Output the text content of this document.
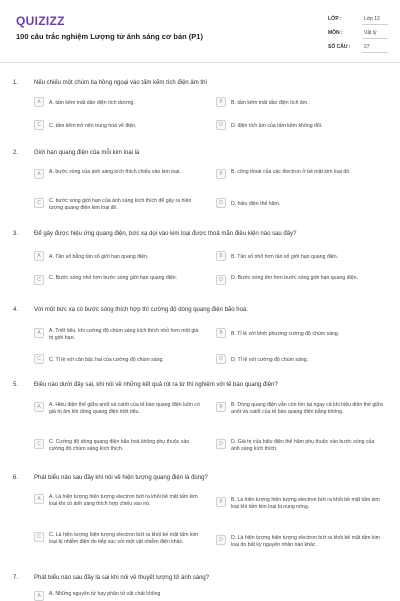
QUIZIZZ
100 câu trắc nghiệm Lượng tử ánh sáng cơ bản (P1)
LỚP :	Lớp 12
MÔN :	Vật lý
SỐ CÂU :	27
1.	Nếu chiếu một chùm tia hồng ngoại vào tấm kẽm tích điện âm thì
A	A. tấm kẽm mất dần điện tích dương.	B	B. tấm kẽm mất dần điện tích âm.
C	C. tấm kẽm trở nên trung hoà về điện.	D	D. điện tích âm của tấm kẽm không đổi.
2.	Giới hạn quang điện của mỗi kim loại là
A	A. bước sóng của ánh sáng kích thích chiếu vào kim loại.	B	B. công thoát của các êlectron ở bề mặt kim loại đó.
C	C. bước sóng giới hạn của ánh sáng kích thích để gây ra hiện tượng quang điện kim loại đó.
D	D. hiệu điện thế hãm.
3.	Để gây được hiệu ứng quang điện, bức xạ dọi vào kim loại được thoả mãn điều kiện nào sau đây?
A	A. Tần số bằng tần số giới hạn quang điện.	B	B. Tần số nhỏ hơn tần số giới hạn quang điện.
C	C. Bước sóng nhỏ hơn bước sóng giới hạn quang điện.	D	D. Bước sóng lớn hơn bước sóng giới hạn quang điện.
4.	Với một bức xạ có bước sóng thích hợp thì cường độ dòng quang điện bão hoà:
A	A. Triệt tiêu, khi cường độ chùm sáng kích thích nhỏ hơn một giá trị giới hạn.
B	B. Tỉ lệ với bình phương cường độ chùm sáng.
C	C. Tỉ lệ với căn bậc hai của cường độ chùm sáng.	D	D. Tỉ lệ với cường độ chùm sáng.
5.	Điều nào dưới đây sai, khi nói về những kết quả rút ra từ thí nghiệm với tế bào quang điện?
A	A. Hiệu điện thế giữa anốt và catốt của tế bào quang điện luôn có giá trị âm khi dòng quang điện triệt tiêu.
B	B. Dòng quang điện vẫn còn tồn tại ngay cả khi hiệu điện thế giữa anốt và catốt của tế bào quang điện bằng không.
C	C. Cường độ dòng quang điện bão hoà không phụ thuộc vào cường độ chùm sáng kích thích.
D	D. Giá trị của hiệu điện thế hãm phụ thuộc vào bước sóng của ánh sáng kích thích.
6.	Phát biểu nào sau đây khi nói về hiện tượng quang điện là đúng?
A	A. Là hiện tượng hiện tượng electron bứt ra khỏi bề mặt tấm kim loại khi có ánh sáng thích hợp chiếu vào nó.	B	B. Là hiện tượng hiện tượng electron bứt ra khỏi bề mặt tấm kim loại khi tấm kim loại bị nung nóng.
C	C. Là hiện tượng hiện tượng electron bứt ra khỏi bề mặt tấm kim loại bị nhiễm điện do tiếp xúc với một vật nhiễm điện khác.	D	D. Là hiện tượng hiện tượng electron bứt ra khỏi bề mặt tấm kim loại do bất kỳ nguyên nhân nào khác.
7.	Phát biểu nào sau đây là sai khi nói về thuyết lượng tử ánh sáng?
A	A. Những nguyên tử hay phân tử vật chất không
